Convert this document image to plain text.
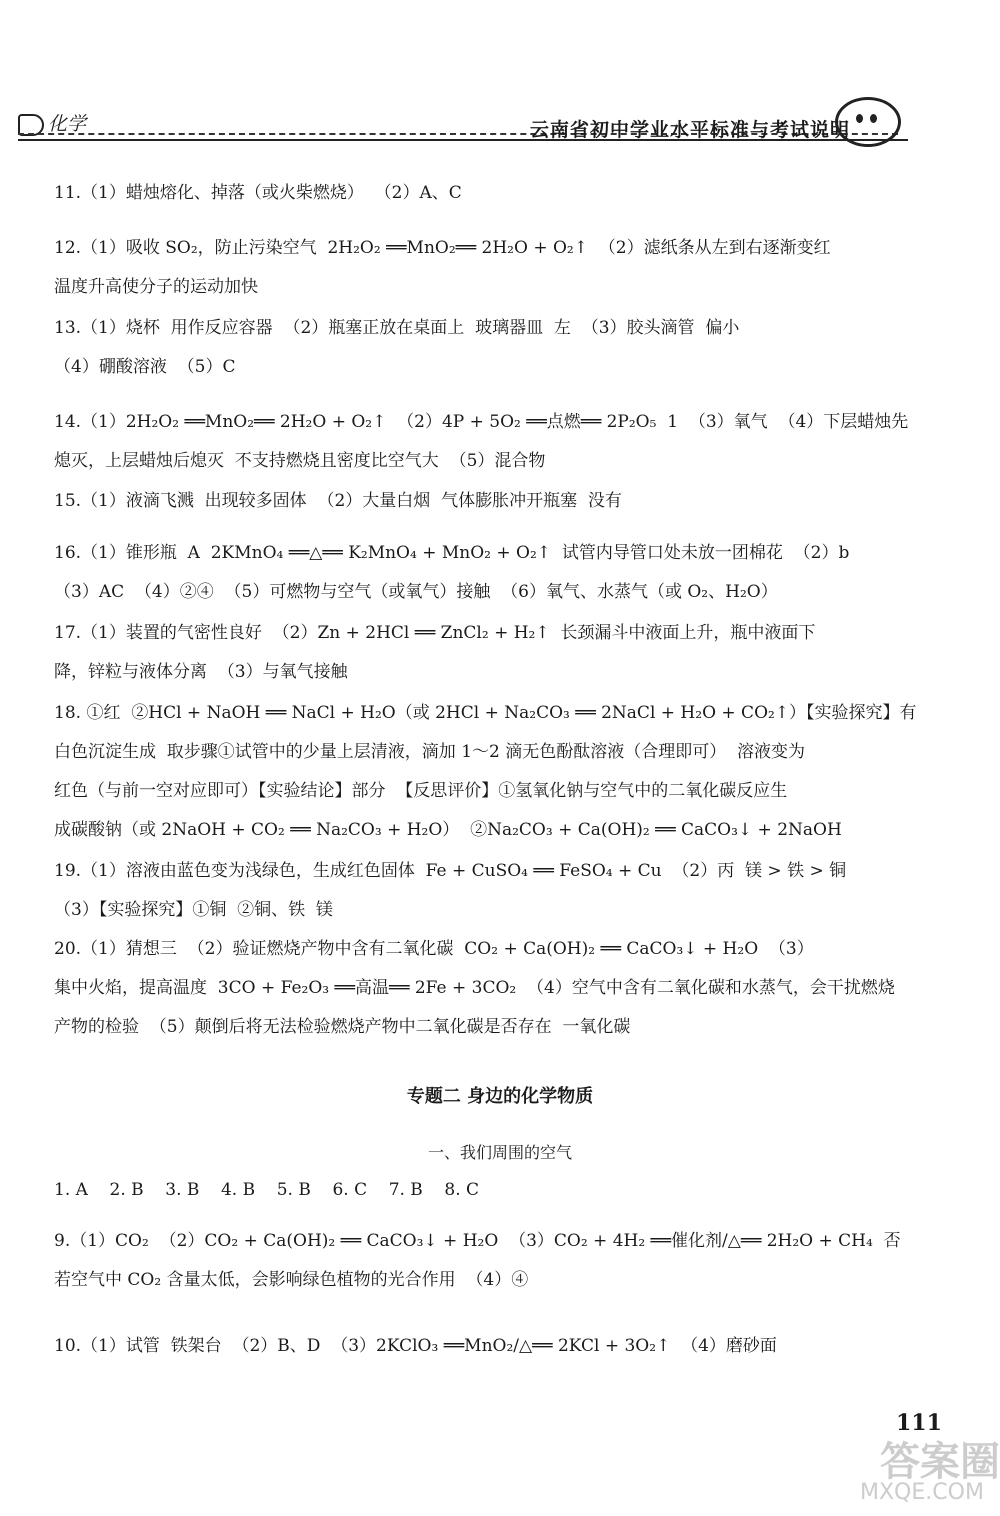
化学	云南省初中学业水平标准与考试说明
11.（1）蜡烛熔化、掉落（或火柴燃烧）  （2）A、C
12.（1）吸收 SO₂，防止污染空气  2H₂O₂ ══MnO₂══ 2H₂O + O₂↑  （2）滤纸条从左到右逐渐变红
温度升高使分子的运动加快
13.（1）烧杯  用作反应容器  （2）瓶塞正放在桌面上  玻璃器皿  左  （3）胶头滴管  偏小
（4）硼酸溶液  （5）C
14.（1）2H₂O₂ ══MnO₂══ 2H₂O + O₂↑  （2）4P + 5O₂ ══点燃══ 2P₂O₅  1  （3）氧气  （4）下层蜡烛先
熄灭，上层蜡烛后熄灭  不支持燃烧且密度比空气大  （5）混合物
15.（1）液滴飞溅  出现较多固体  （2）大量白烟  气体膨胀冲开瓶塞  没有
16.（1）锥形瓶  A  2KMnO₄ ══△══ K₂MnO₄ + MnO₂ + O₂↑  试管内导管口处未放一团棉花  （2）b
（3）AC  （4）②④  （5）可燃物与空气（或氧气）接触  （6）氧气、水蒸气（或 O₂、H₂O）
17.（1）装置的气密性良好  （2）Zn + 2HCl ══ ZnCl₂ + H₂↑  长颈漏斗中液面上升，瓶中液面下
降，锌粒与液体分离  （3）与氧气接触
18. ①红  ②HCl + NaOH ══ NaCl + H₂O（或 2HCl + Na₂CO₃ ══ 2NaCl + H₂O + CO₂↑）【实验探究】有
白色沉淀生成  取步骤①试管中的少量上层清液，滴加 1～2 滴无色酚酞溶液（合理即可）  溶液变为
红色（与前一空对应即可）【实验结论】部分  【反思评价】①氢氧化钠与空气中的二氧化碳反应生
成碳酸钠（或 2NaOH + CO₂ ══ Na₂CO₃ + H₂O）  ②Na₂CO₃ + Ca(OH)₂ ══ CaCO₃↓ + 2NaOH
19.（1）溶液由蓝色变为浅绿色，生成红色固体  Fe + CuSO₄ ══ FeSO₄ + Cu  （2）丙  镁 > 铁 > 铜
（3）【实验探究】①铜  ②铜、铁  镁
20.（1）猜想三  （2）验证燃烧产物中含有二氧化碳  CO₂ + Ca(OH)₂ ══ CaCO₃↓ + H₂O  （3）
集中火焰，提高温度  3CO + Fe₂O₃ ══高温══ 2Fe + 3CO₂  （4）空气中含有二氧化碳和水蒸气，会干扰燃烧
产物的检验  （5）颠倒后将无法检验燃烧产物中二氧化碳是否存在  一氧化碳
专题二 身边的化学物质
一、我们周围的空气
1. A    2. B    3. B    4. B    5. B    6. C    7. B    8. C
9.（1）CO₂  （2）CO₂ + Ca(OH)₂ ══ CaCO₃↓ + H₂O  （3）CO₂ + 4H₂ ══催化剂/△══ 2H₂O + CH₄  否
若空气中 CO₂ 含量太低，会影响绿色植物的光合作用  （4）④
10.（1）试管  铁架台  （2）B、D  （3）2KClO₃ ══MnO₂/△══ 2KCl + 3O₂↑  （4）磨砂面
111
答案圈
MXQE.COM
